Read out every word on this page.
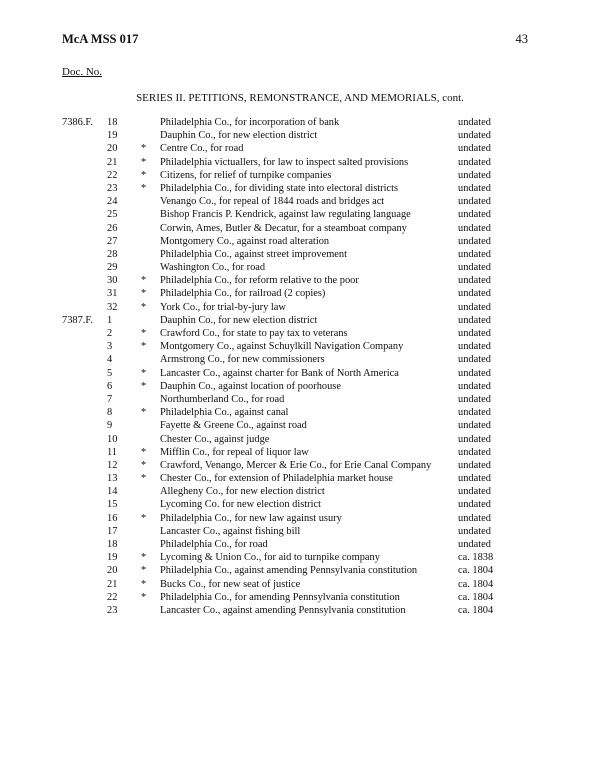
McA MSS 017	43
Doc. No.
SERIES II. PETITIONS, REMONSTRANCE, AND MEMORIALS, cont.
7386.F. 18	Philadelphia Co., for incorporation of bank	undated
19	Dauphin Co., for new election district	undated
20 * Centre Co., for road	undated
21 * Philadelphia victuallers, for law to inspect salted provisions	undated
22 * Citizens, for relief of turnpike companies	undated
23 * Philadelphia Co., for dividing state into electoral districts	undated
24	Venango Co., for repeal of 1844 roads and bridges act	undated
25	Bishop Francis P. Kendrick, against law regulating language	undated
26	Corwin, Ames, Butler & Decatur, for a steamboat company	undated
27	Montgomery Co., against road alteration	undated
28	Philadelphia Co., against street improvement	undated
29	Washington Co., for road	undated
30 * Philadelphia Co., for reform relative to the poor	undated
31 * Philadelphia Co., for railroad (2 copies)	undated
32 * York Co., for trial-by-jury law	undated
7387.F. 1	Dauphin Co., for new election district	undated
2	* Crawford Co., for state to pay tax to veterans	undated
3	* Montgomery Co., against Schuylkill Navigation Company	undated
4	Armstrong Co., for new commissioners	undated
5	* Lancaster Co., against charter for Bank of North America	undated
6	* Dauphin Co., against location of poorhouse	undated
7	Northumberland Co., for road	undated
8	* Philadelphia Co., against canal	undated
9	Fayette & Greene Co., against road	undated
10	Chester Co., against judge	undated
11 * Mifflin Co., for repeal of liquor law	undated
12 * Crawford, Venango, Mercer & Erie Co., for Erie Canal Company	undated
13 * Chester Co., for extension of Philadelphia market house	undated
14	Allegheny Co., for new election district	undated
15	Lycoming Co. for new election district	undated
16 * Philadelphia Co., for new law against usury	undated
17	Lancaster Co., against fishing bill	undated
18	Philadelphia Co., for road	undated
19 * Lycoming & Union Co., for aid to turnpike company	ca. 1838
20 * Philadelphia Co., against amending Pennsylvania constitution	ca. 1804
21 * Bucks Co., for new seat of justice	ca. 1804
22 * Philadelphia Co., for amending Pennsylvania constitution	ca. 1804
23	Lancaster Co., against amending Pennsylvania constitution	ca. 1804
